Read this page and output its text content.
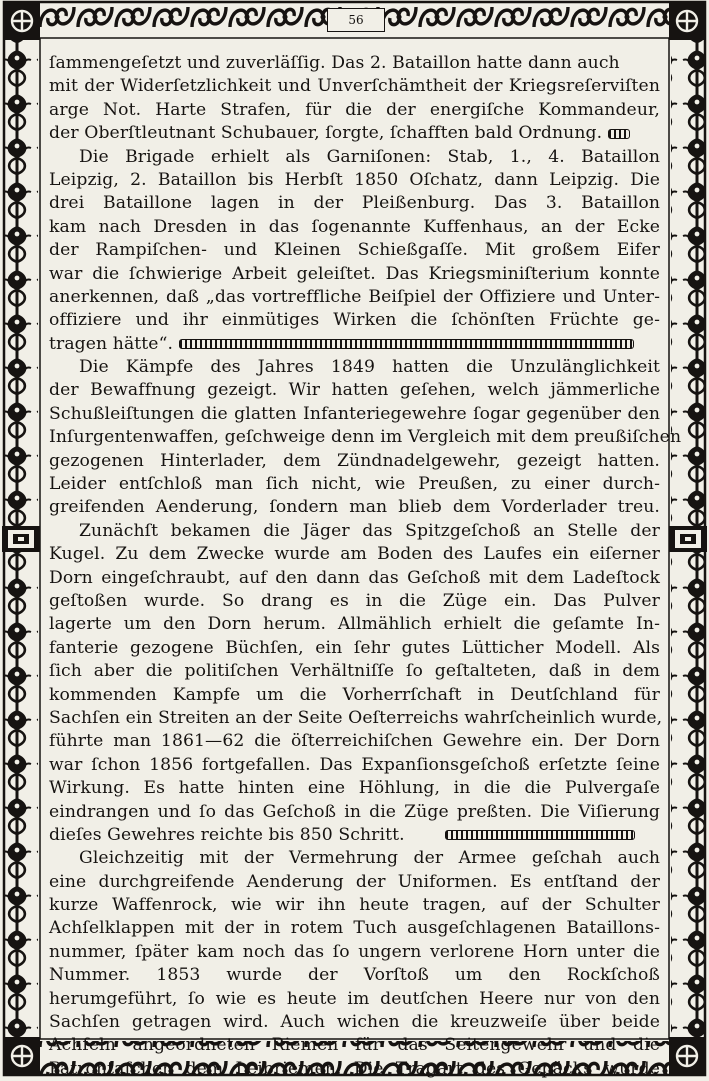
56
ſammengeſetzt und zuverläſſig. Das 2. Bataillon hatte dann auch
mit der Widerſetzlichkeit und Unverſchämtheit der Kriegsreſerviſten
arge Not. Harte Strafen, für die der energiſche Kommandeur,
der Oberſtleutnant Schubauer, ſorgte, ſchafften bald Ordnung.
Die Brigade erhielt als Garniſonen: Stab, 1., 4. Bataillon
Leipzig, 2. Bataillon bis Herbſt 1850 Oſchatz, dann Leipzig. Die
drei Bataillone lagen in der Pleißenburg. Das 3. Bataillon
kam nach Dresden in das ſogenannte Kuffenhaus, an der Ecke
der Rampiſchen- und Kleinen Schießgaſſe. Mit großem Eifer
war die ſchwierige Arbeit geleiſtet. Das Kriegsminiſterium konnte
anerkennen, daß „das vortreffliche Beiſpiel der Offiziere und Unter-
offiziere und ihr einmütiges Wirken die ſchönſten Früchte ge-
tragen hätte“.
Die Kämpfe des Jahres 1849 hatten die Unzulänglichkeit
der Bewaffnung gezeigt. Wir hatten geſehen, welch jämmerliche
Schußleiſtungen die glatten Infanteriegewehre ſogar gegenüber den
Inſurgentenwaffen, geſchweige denn im Vergleich mit dem preußiſchen
gezogenen Hinterlader, dem Zündnadelgewehr, gezeigt hatten.
Leider entſchloß man ſich nicht, wie Preußen, zu einer durch-
greifenden Aenderung, ſondern man blieb dem Vorderlader treu.
Zunächſt bekamen die Jäger das Spitzgeſchoß an Stelle der
Kugel. Zu dem Zwecke wurde am Boden des Laufes ein eiſerner
Dorn eingeſchraubt, auf den dann das Geſchoß mit dem Ladeſtock
geſtoßen wurde. So drang es in die Züge ein. Das Pulver
lagerte um den Dorn herum. Allmählich erhielt die geſamte In-
fanterie gezogene Büchſen, ein ſehr gutes Lütticher Modell. Als
ſich aber die politiſchen Verhältniſſe ſo geſtalteten, daß in dem
kommenden Kampfe um die Vorherrſchaft in Deutſchland für
Sachſen ein Streiten an der Seite Oeſterreichs wahrſcheinlich wurde,
führte man 1861—62 die öſterreichiſchen Gewehre ein. Der Dorn
war ſchon 1856 fortgefallen. Das Expanſionsgeſchoß erſetzte ſeine
Wirkung. Es hatte hinten eine Höhlung, in die die Pulvergaſe
eindrangen und ſo das Geſchoß in die Züge preßten. Die Viſierung
dieſes Gewehres reichte bis 850 Schritt.
Gleichzeitig mit der Vermehrung der Armee geſchah auch
eine durchgreifende Aenderung der Uniformen. Es entſtand der
kurze Waffenrock, wie wir ihn heute tragen, auf der Schulter
Achſelklappen mit der in rotem Tuch ausgeſchlagenen Bataillons-
nummer, ſpäter kam noch das ſo ungern verlorene Horn unter die
Nummer. 1853 wurde der Vorſtoß um den Rockſchoß
herumgeführt, ſo wie es heute im deutſchen Heere nur von den
Sachſen getragen wird. Auch wichen die kreuzweiſe über beide
Achſeln angeordneten Riemen für das Seitengewehr und die
Patrontaſchen dem Leibriemen. Die Tragart des Gepäcks wurde
